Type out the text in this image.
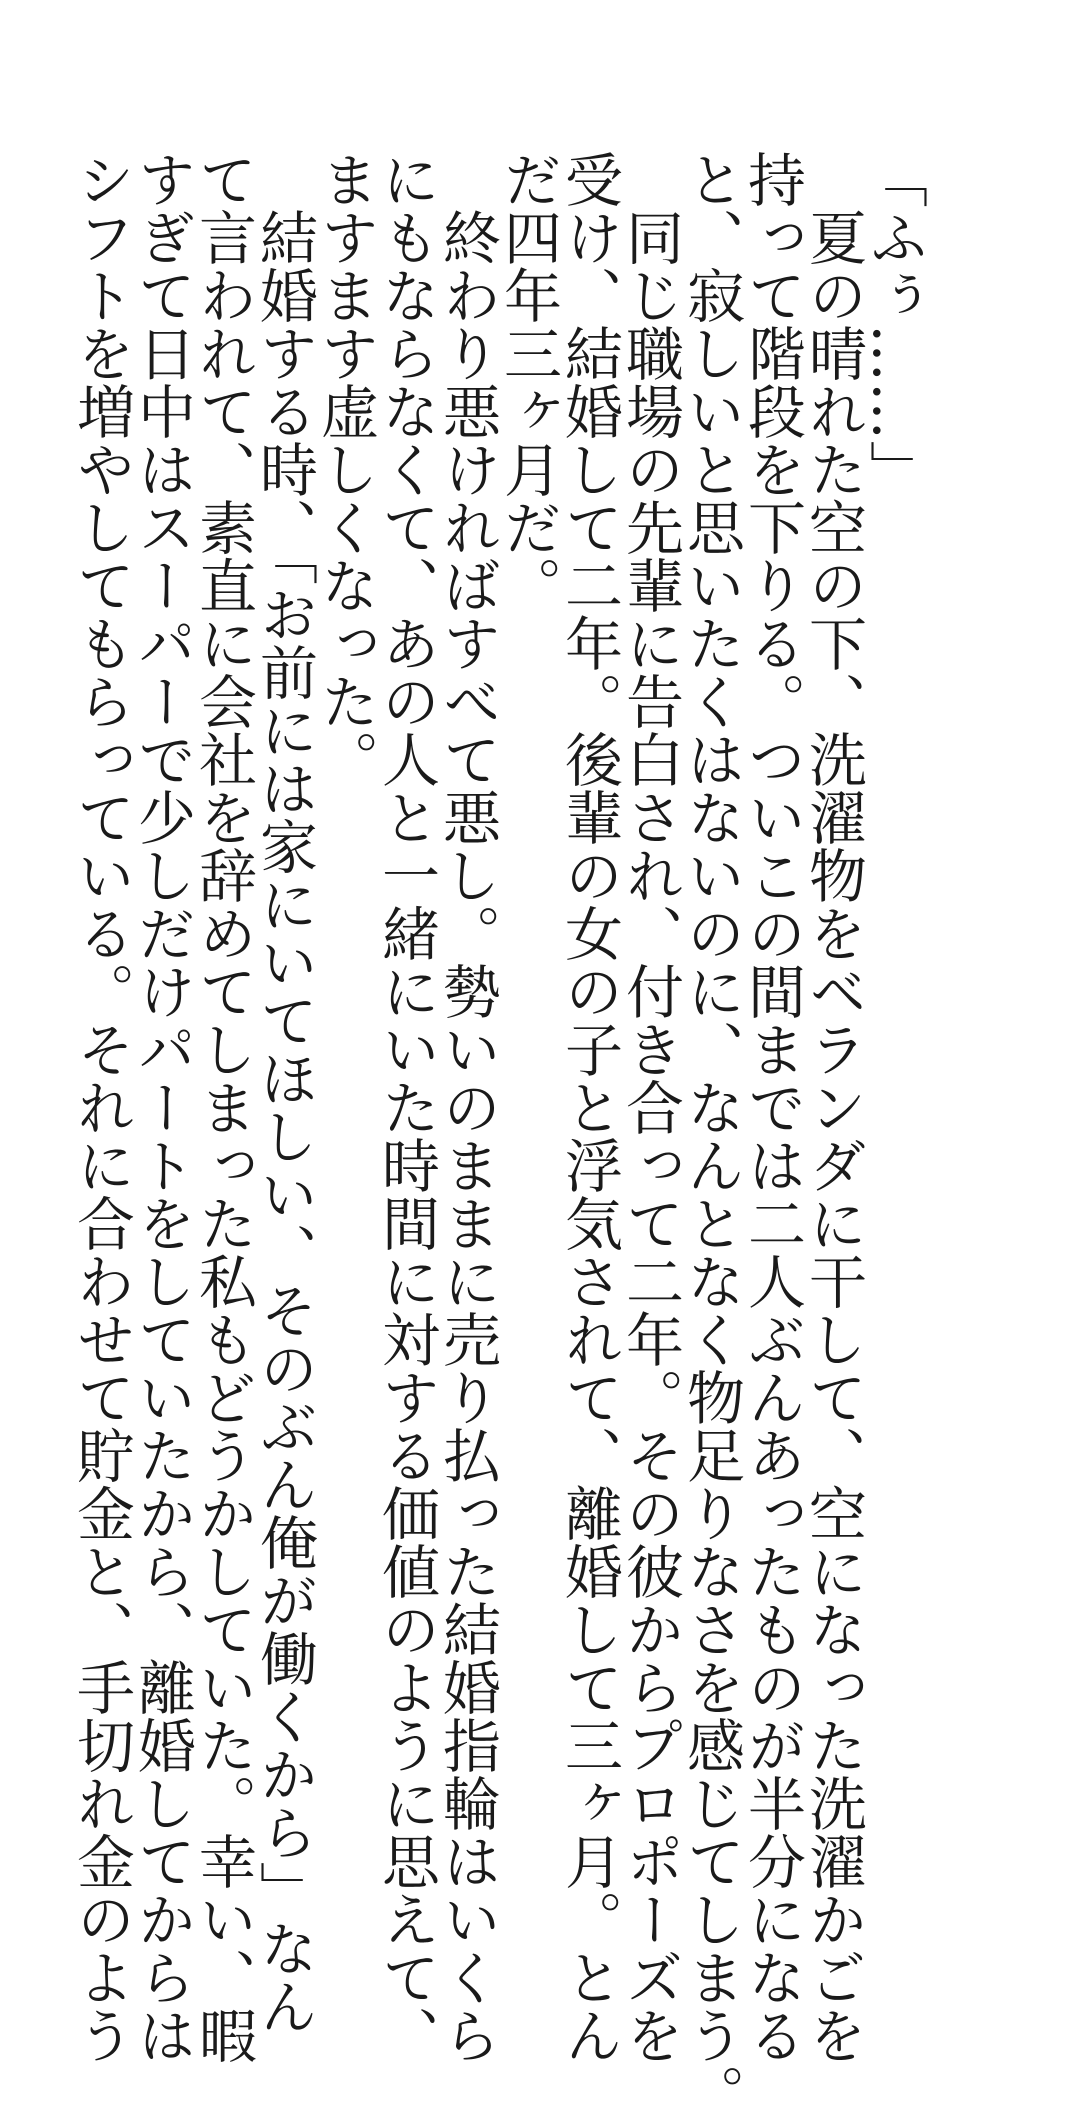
「ふぅ……」
　夏の晴れた空の下、洗濯物をベランダに干して、空になった洗濯かごを
持って階段を下りる。ついこの間までは二人ぶんあったものが半分になる
と、寂しいと思いたくはないのに、なんとなく物足りなさを感じてしまう。
　同じ職場の先輩に告白され、付き合って二年。その彼からプロポーズを
受け、結婚して二年。後輩の女の子と浮気されて、離婚して三ヶ月。とん
だ四年三ヶ月だ。
　終わり悪ければすべて悪し。勢いのままに売り払った結婚指輪はいくら
にもならなくて、あの人と一緒にいた時間に対する価値のように思えて、
ますます虚しくなった。
　結婚する時、「お前には家にいてほしい、そのぶん俺が働くから」なん
て言われて、素直に会社を辞めてしまった私もどうかしていた。幸い、暇
すぎて日中はスーパーで少しだけパートをしていたから、離婚してからは
シフトを増やしてもらっている。それに合わせて貯金と、手切れ金のよう
